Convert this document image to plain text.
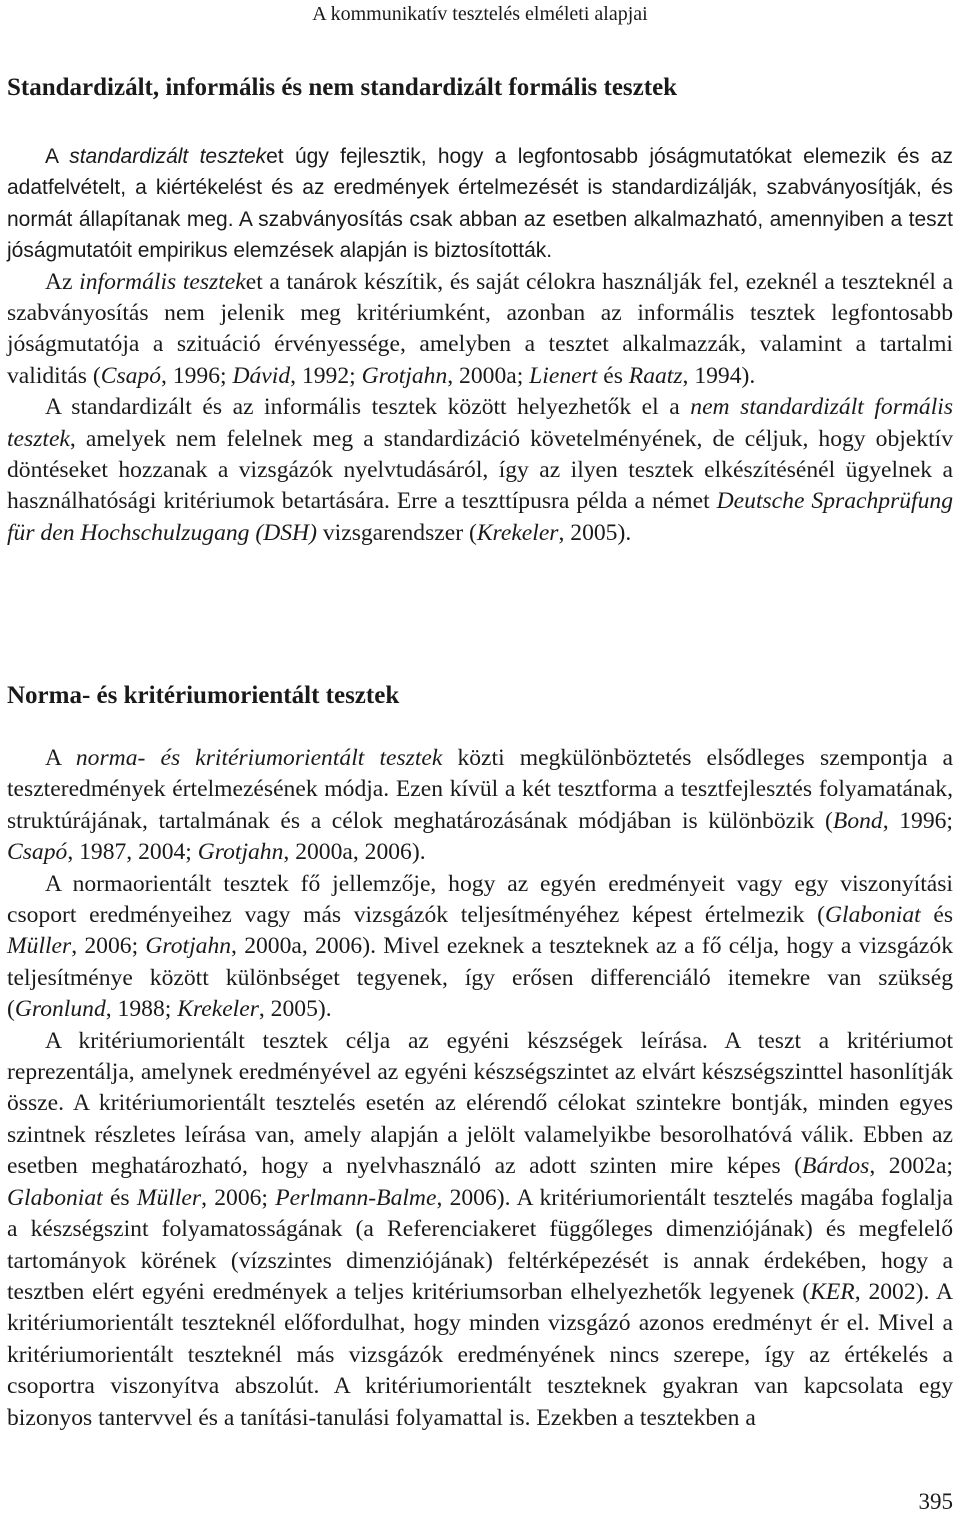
A kommunikatív tesztelés elméleti alapjai
Standardizált, informális és nem standardizált formális tesztek

A standardizált teszteket úgy fejlesztik, hogy a legfontosabb jóságmutatókat elemezik és az adatfelvételt, a kiértékelést és az eredmények értelmezését is standardizálják, szabványosítják, és normát állapítanak meg. A szabványosítás csak abban az esetben alkalmazható, amennyiben a teszt jóságmutatóit empirikus elemzések alapján is biztosították.

Az informális teszteket a tanárok készítik, és saját célokra használják fel, ezeknél a teszteknél a szabványosítás nem jelenik meg kritériumként, azonban az informális tesztek legfontosabb jóságmutatója a szituáció érvényessége, amelyben a tesztet alkalmazzák, valamint a tartalmi validitás (Csapó, 1996; Dávid, 1992; Grotjahn, 2000a; Lienert és Raatz, 1994).

A standardizált és az informális tesztek között helyezhetők el a nem standardizált formális tesztek, amelyek nem felelnek meg a standardizáció követelményének, de céljuk, hogy objektív döntéseket hozzanak a vizsgázók nyelvtudásáról, így az ilyen tesztek elkészítésénél ügyelnek a használhatósági kritériumok betartására. Erre a teszttípusra példa a német Deutsche Sprachprüfung für den Hochschulzugang (DSH) vizsgarendszer (Krekeler, 2005).

Norma- és kritériumorientált tesztek

A norma- és kritériumorientált tesztek közti megkülönböztetés elsődleges szempontja a teszteredmények értelmezésének módja. Ezen kívül a két tesztforma a tesztfejlesztés folyamatának, struktúrájának, tartalmának és a célok meghatározásának módjában is különbözik (Bond, 1996; Csapó, 1987, 2004; Grotjahn, 2000a, 2006).

A normaorientált tesztek fő jellemzője, hogy az egyén eredményeit vagy egy viszonyítási csoport eredményeihez vagy más vizsgázók teljesítményéhez képest értelmezik (Glaboniat és Müller, 2006; Grotjahn, 2000a, 2006). Mivel ezeknek a teszteknek az a fő célja, hogy a vizsgázók teljesítménye között különbséget tegyenek, így erősen differenciáló itemekre van szükség (Gronlund, 1988; Krekeler, 2005).

A kritériumorientált tesztek célja az egyéni készségek leírása. A teszt a kritériumot reprezentálja, amelynek eredményével az egyéni készségszintet az elvárt készségszinttel hasonlítják össze. A kritériumorientált tesztelés esetén az elérendő célokat szintekre bontják, minden egyes szintnek részletes leírása van, amely alapján a jelölt valamelyikbe besorolhatóvá válik. Ebben az esetben meghatározható, hogy a nyelvhasználó az adott szinten mire képes (Bárdos, 2002a; Glaboniat és Müller, 2006; Perlmann-Balme, 2006). A kritériumorientált tesztelés magába foglalja a készségszint folyamatosságának (a Referenciakeret függőleges dimenziójának) és megfelelő tartományok körének (vízszintes dimenziójának) feltérképezését is annak érdekében, hogy a tesztben elért egyéni eredmények a teljes kritériumsorban elhelyezhetők legyenek (KER, 2002). A kritériumorientált teszteknél előfordulhat, hogy minden vizsgázó azonos eredményt ér el. Mivel a kritériumorientált teszteknél más vizsgázók eredményének nincs szerepe, így az értékelés a csoportra viszonyítva abszolút. A kritériumorientált teszteknek gyakran van kapcsolata egy bizonyos tantervvel és a tanítási-tanulási folyamattal is. Ezekben a tesztekben a

395
